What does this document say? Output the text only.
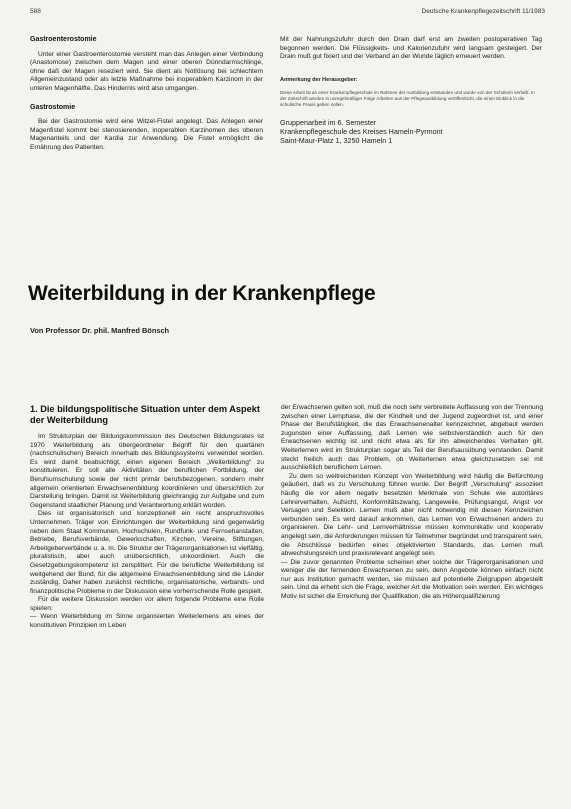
588	Deutsche Krankenpflegezeitschrift 11/1983
Gastroenterostomie

Unter einer Gastroenterostomie versteht man das Anlegen einer Verbindung (Anastomose) zwischen dem Magen und einer oberen Dünndarmschlinge, ohne daß der Magen reseziert wird. Sie dient als Notlösung bei schlechtem Allgemeinzustand oder als letzte Maßnahme bei inoperablem Karzinom in der unteren Magenhälfte. Das Hindernis wird also umgangen.

Gastrostomie

Bei der Gastrostomie wird eine Witzel-Fistel angelegt. Das Anlegen einer Magenfistel kommt bei stenosierenden, inoperablen Karzinomen des oberen Magenanteils und der Kardia zur Anwendung. Die Fistel ermöglicht die Ernährung des Patienten.

Mit der Nahrungszufuhr durch den Drain darf erst am zweiten postoperativen Tag begonnen werden. Die Flüssigkeits- und Kalorienzufuhr wird langsam gesteigert. Der Drain muß gut fixiert und der Verband an der Wunde täglich erneuert werden.

Anmerkung der Herausgeber:
Diese Arbeit ist an einer Krankenpflegeschule im Rahmen der Ausbildung entstanden und wurde von der Schülerin verfaßt. In der Zeitschrift werden in unregelmäßiger Folge Arbeiten aus der Pflegeausbildung veröffentlicht, die einen Einblick in die schulische Praxis geben sollen.
Gruppenarbeit im 6. Semester
Krankenpflegeschule des Kreises Hameln-Pyrmont
Saint-Maur-Platz 1, 3250 Hameln 1
Weiterbildung in der Krankenpflege
Von Professor Dr. phil. Manfred Bönsch
1. Die bildungspolitische Situation unter dem Aspekt der Weiterbildung

Im Strukturplan der Bildungskommission des Deutschen Bildungsrates ist 1970 Weiterbildung als übergeordneter Begriff für den quartären (nachschulischen) Bereich innerhalb des Bildungssystems verwendet worden. Es wird damit beabsichtigt, einen eigenen Bereich „Weiterbildung“ zu konstituieren. Er soll alle Aktivitäten der beruflichen Fortbildung, der Berufsumschulung sowie der nicht primär berufsbezogenen, sondern mehr allgemein orientierten Erwachsenenbildung koordinieren und übersichtlich zur Darstellung bringen. Damit ist Weiterbildung gleichrangig zur Aufgabe und zum Gegenstand staatlicher Planung und Verantwortung erklärt worden.

Dies ist organisatorisch und konzeptionell ein recht anspruchsvolles Unternehmen. Träger von Einrichtungen der Weiterbildung sind gegenwärtig neben dem Staat Kommunen, Hochschulen, Rundfunk- und Fernsehanstalten, Betriebe, Berufsverbände, Gewerkschaften, Kirchen, Vereine, Stiftungen, Arbeitgeberverbände u. a. m. Die Struktur der Trägerorganisationen ist vielfältig, pluralistisch, aber auch unübersichtlich, unkoordiniert. Auch die Gesetzgebungskompetenz ist zersplittert. Für die berufliche Weiterbildung ist weitgehend der Bund, für die allgemeine Erwachsenenbildung sind die Länder zuständig. Daher haben zunächst rechtliche, organisatorische, verbands- und finanzpolitische Probleme in der Diskussion eine vorherrschende Rolle gespielt.

Für die weitere Diskussion werden vor allem folgende Probleme eine Rolle spielen:

— Wenn Weiterbildung im Sinne organisierten Weiterlernens als eines der konstitutiven Prinzipien im Leben

der Erwachsenen gelten soll, muß die noch sehr verbreitete Auffassung von der Trennung zwischen einer Lernphase, die der Kindheit und der Jugend zugeordnet ist, und einer Phase der Berufstätigkeit, die das Erwachsenenalter kennzeichnet, abgebaut werden zugunsten einer Auffassung, daß Lernen wie selbstverständlich auch für den Erwachsenen wichtig ist und nicht etwa als für ihn abweichendes Verhalten gilt. Weiterlernen wird im Strukturplan sogar als Teil der Berufsausübung verstanden. Damit steckt freilich auch das Problem, ob Weiterlernen etwa gleichzusetzen sei mit ausschließlich beruflichem Lernen.

Zu dem so weitreichenden Konzept von Weiterbildung wird häufig die Befürchtung geäußert, daß es zu Verschulung führen wurde. Der Begriff „Verschulung“ assoziiert häufig die vor allem negativ besetzten Merkmale von Schule wie autoritäres Lehrerverhalten, Aufsicht, Konformitätszwang, Langeweile, Prüfungsangst, Angst vor Versagen und Selektion. Lernen muß aber nicht notwendig mit diesen Kennzeichen verbunden sein. Es wird darauf ankommen, das Lernen von Erwachsenen anders zu organisieren. Die Lehr- und Lernverhältnisse müssen kommunikativ und kooperativ angelegt sein, die Anforderungen müssen für Teilnehmer begründet und transparent sein, die Abschlüsse bedürfen eines objektivierten Standards, das Lernen muß abwechslungsreich und praxisrelevant angelegt sein.

— Die zuvor genannten Probleme scheinen eher solche der Trägerorganisationen und weniger die der fernenden Erwachsenen zu sein, denn Angebote können einfach nicht nur aus Institution gemacht werden, sie müssen auf potentielle Zielgruppen abgestellt sein. Und da erhebt sich die Frage, welcher Art die Motivation sein werden. Ein wichtiges Motiv ist sicher die Erreichung der Qualifikation, die als Höherqualifizierung
